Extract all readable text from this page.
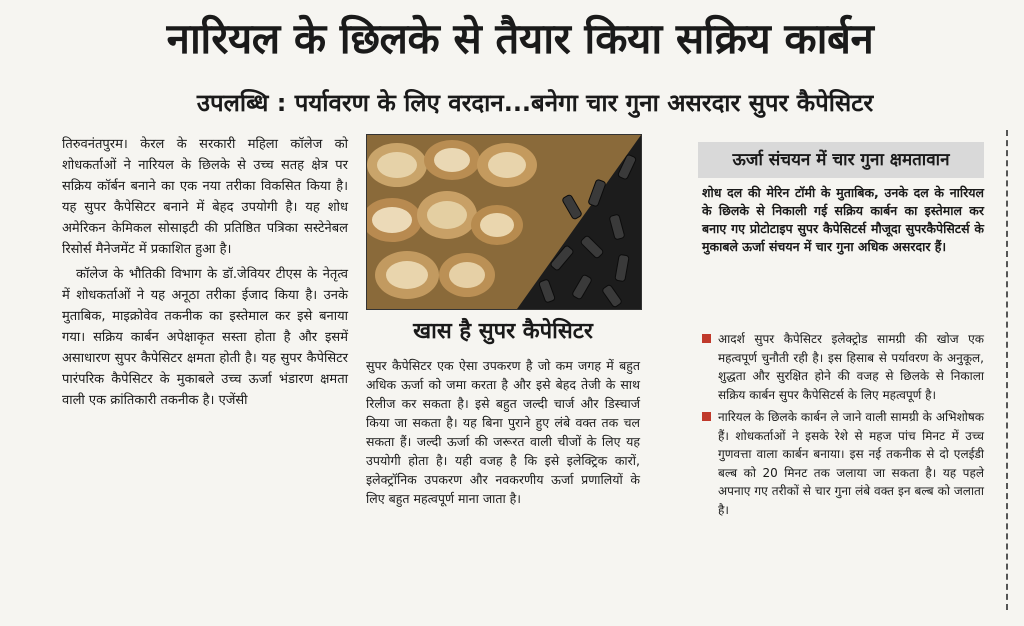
नारियल के छिलके से तैयार किया सक्रिय कार्बन
उपलब्धि : पर्यावरण के लिए वरदान...बनेगा चार गुना असरदार सुपर कैपेसिटर

तिरुवनंतपुरम। केरल के सरकारी महिला कॉलेज को शोधकर्ताओं ने नारियल के छिलके से उच्च सतह क्षेत्र पर सक्रिय कॉर्बन बनाने का एक नया तरीका विकसित किया है। यह सुपर कैपेसिटर बनाने में बेहद उपयोगी है। यह शोध अमेरिकन केमिकल सोसाइटी की प्रतिष्ठित पत्रिका सस्टेनेबल रिसोर्स मैनेजमेंट में प्रकाशित हुआ है।

कॉलेज के भौतिकी विभाग के डॉ.जेवियर टीएस के नेतृत्व में शोधकर्ताओं ने यह अनूठा तरीका ईजाद किया है। उनके मुताबिक, माइक्रोवेव तकनीक का इस्तेमाल कर इसे बनाया गया। सक्रिय कार्बन अपेक्षाकृत सस्ता होता है और इसमें असाधारण सुपर कैपेसिटर क्षमता होती है। यह सुपर कैपेसिटर पारंपरिक कैपेसिटर के मुकाबले उच्च ऊर्जा भंडारण क्षमता वाली एक क्रांतिकारी तकनीक है। एजेंसी

खास है सुपर कैपेसिटर

सुपर कैपेसिटर एक ऐसा उपकरण है जो कम जगह में बहुत अधिक ऊर्जा को जमा करता है और इसे बेहद तेजी के साथ रिलीज कर सकता है। इसे बहुत जल्दी चार्ज और डिस्चार्ज किया जा सकता है। यह बिना पुराने हुए लंबे वक्त तक चल सकता हैं। जल्दी ऊर्जा की जरूरत वाली चीजों के लिए यह उपयोगी होता है। यही वजह है कि इसे इलेक्ट्रिक कारों, इलेक्ट्रॉनिक उपकरण और नवकरणीय ऊर्जा प्रणालियों के लिए बहुत महत्वपूर्ण माना जाता है।

ऊर्जा संचयन में चार गुना क्षमतावान

शोध दल की मेरिन टॉमी के मुताबिक, उनके दल के नारियल के छिलके से निकाली गई सक्रिय कार्बन का इस्तेमाल कर बनाए गए प्रोटोटाइप सुपर कैपेसिटर्स मौजूदा सुपरकैपेसिटर्स के मुकाबले ऊर्जा संचयन में चार गुना अधिक असरदार हैं।

आदर्श सुपर कैपेसिटर इलेक्ट्रोड सामग्री की खोज एक महत्वपूर्ण चुनौती रही है। इस हिसाब से पर्यावरण के अनुकूल, शुद्धता और सुरक्षित होने की वजह से छिलके से निकाला सक्रिय कार्बन सुपर कैपेसिटर्स के लिए महत्वपूर्ण है।

नारियल के छिलके कार्बन ले जाने वाली सामग्री के अभिशोषक हैं। शोधकर्ताओं ने इसके रेशे से महज पांच मिनट में उच्च गुणवत्ता वाला कार्बन बनाया। इस नई तकनीक से दो एलईडी बल्ब को 20 मिनट तक जलाया जा सकता है। यह पहले अपनाए गए तरीकों से चार गुना लंबे वक्त इन बल्ब को जलाता है।
